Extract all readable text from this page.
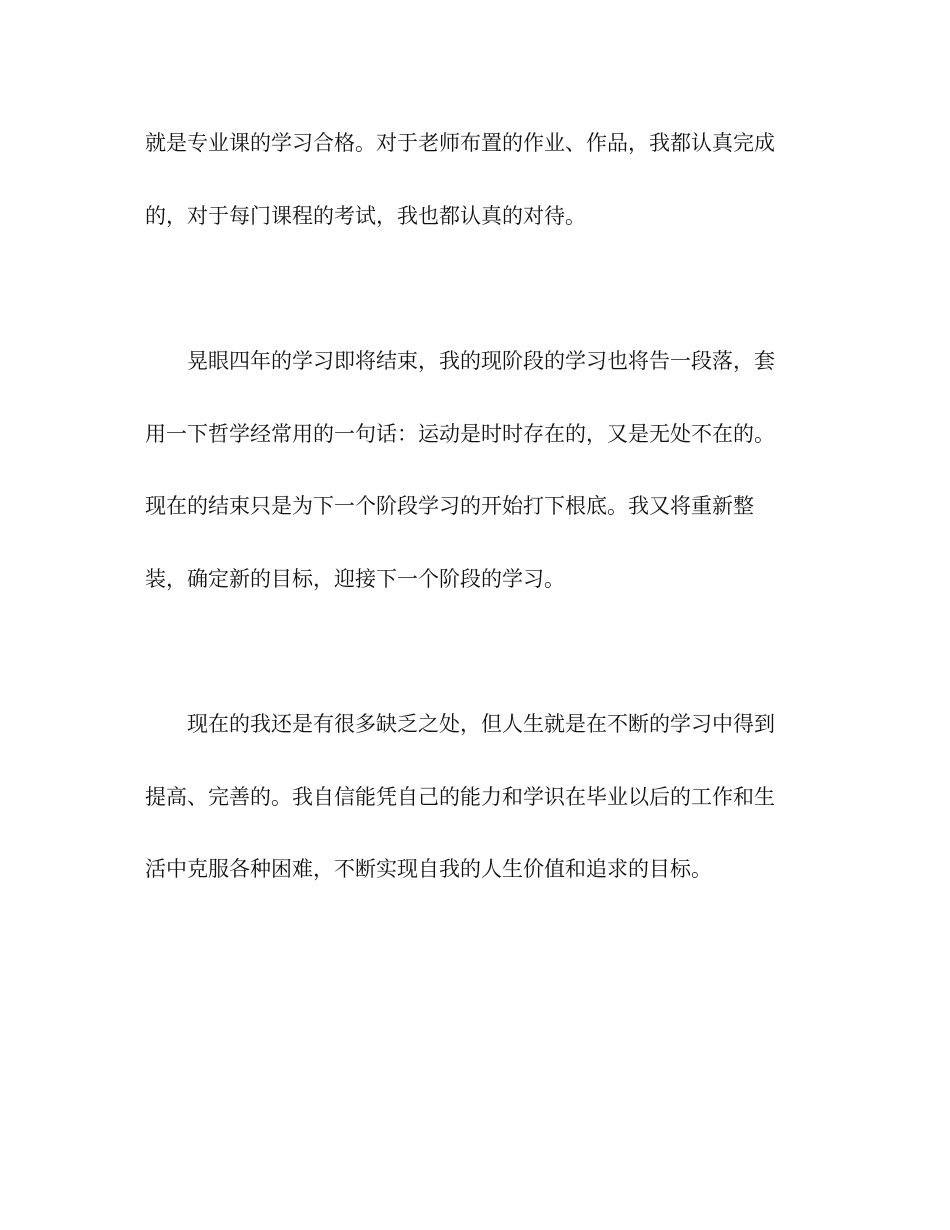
就是专业课的学习合格。对于老师布置的作业、作品，我都认真完成
的，对于每门课程的考试，我也都认真的对待。
晃眼四年的学习即将结束，我的现阶段的学习也将告一段落，套
用一下哲学经常用的一句话：运动是时时存在的，又是无处不在的。
现在的结束只是为下一个阶段学习的开始打下根底。我又将重新整
装，确定新的目标，迎接下一个阶段的学习。
现在的我还是有很多缺乏之处，但人生就是在不断的学习中得到
提高、完善的。我自信能凭自己的能力和学识在毕业以后的工作和生
活中克服各种困难，不断实现自我的人生价值和追求的目标。
